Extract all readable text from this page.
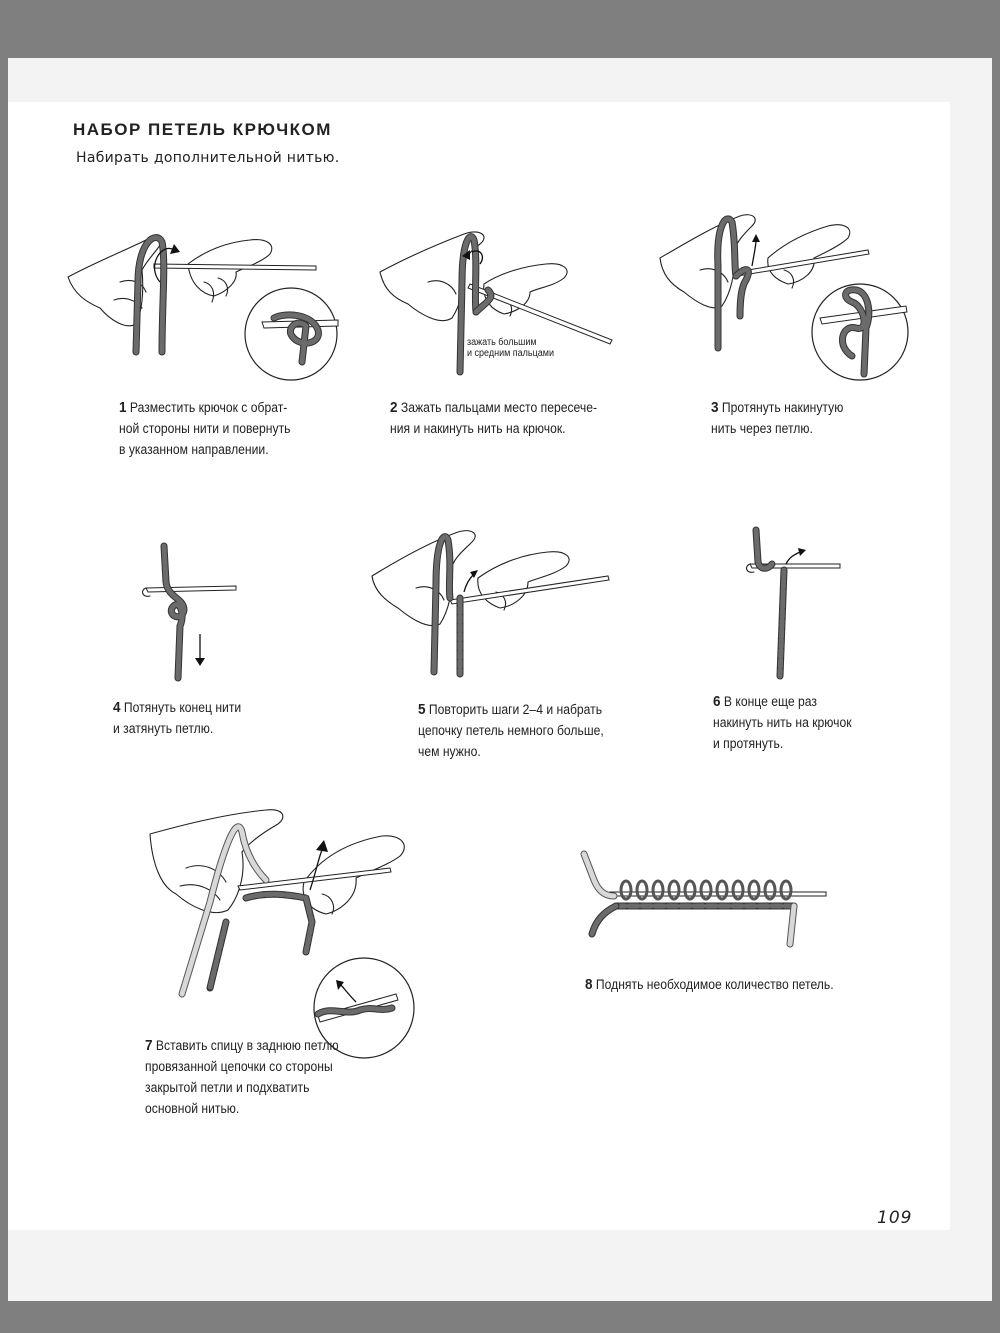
НАБОР ПЕТЕЛЬ КРЮЧКОМ
Набирать дополнительной нитью.
зажать большим
и средним пальцами
1 Разместить крючок с обрат-
ной стороны нити и повернуть
в указанном направлении.
2 Зажать пальцами место пересече-
ния и накинуть нить на крючок.
3 Протянуть накинутую
нить через петлю.
4 Потянуть конец нити
и затянуть петлю.
5 Повторить шаги 2–4 и набрать
цепочку петель немного больше,
чем нужно.
6 В конце еще раз
накинуть нить на крючок
и протянуть.
7 Вставить спицу в заднюю петлю
провязанной цепочки со стороны
закрытой петли и подхватить
основной нитью.
8 Поднять необходимое количество петель.
109
